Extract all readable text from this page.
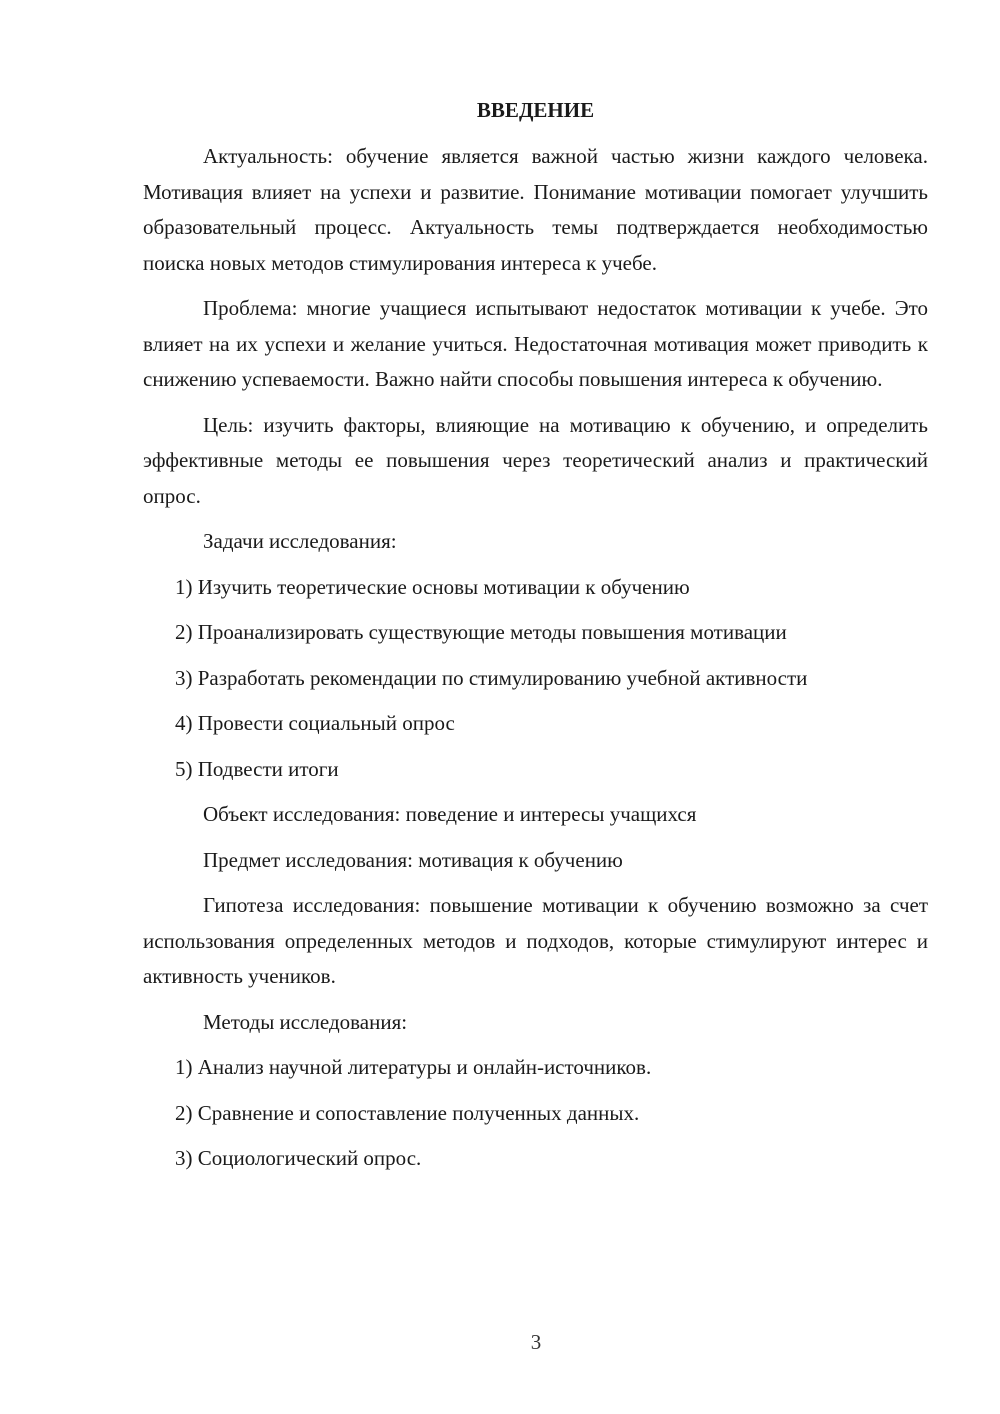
ВВЕДЕНИЕ

Актуальность: обучение является важной частью жизни каждого человека. Мотивация влияет на успехи и развитие. Понимание мотивации помогает улучшить образовательный процесс. Актуальность темы подтверждается необходимостью поиска новых методов стимулирования интереса к учебе.

Проблема: многие учащиеся испытывают недостаток мотивации к учебе. Это влияет на их успехи и желание учиться. Недостаточная мотивация может приводить к снижению успеваемости. Важно найти способы повышения интереса к обучению.

Цель: изучить факторы, влияющие на мотивацию к обучению, и определить эффективные методы ее повышения через теоретический анализ и практический опрос.

Задачи исследования:

1) Изучить теоретические основы мотивации к обучению

2) Проанализировать существующие методы повышения мотивации

3) Разработать рекомендации по стимулированию учебной активности

4) Провести социальный опрос

5) Подвести итоги

Объект исследования: поведение и интересы учащихся

Предмет исследования: мотивация к обучению

Гипотеза исследования: повышение мотивации к обучению возможно за счет использования определенных методов и подходов, которые стимулируют интерес и активность учеников.

Методы исследования:

1) Анализ научной литературы и онлайн-источников.

2) Сравнение и сопоставление полученных данных.

3) Социологический опрос.

3
